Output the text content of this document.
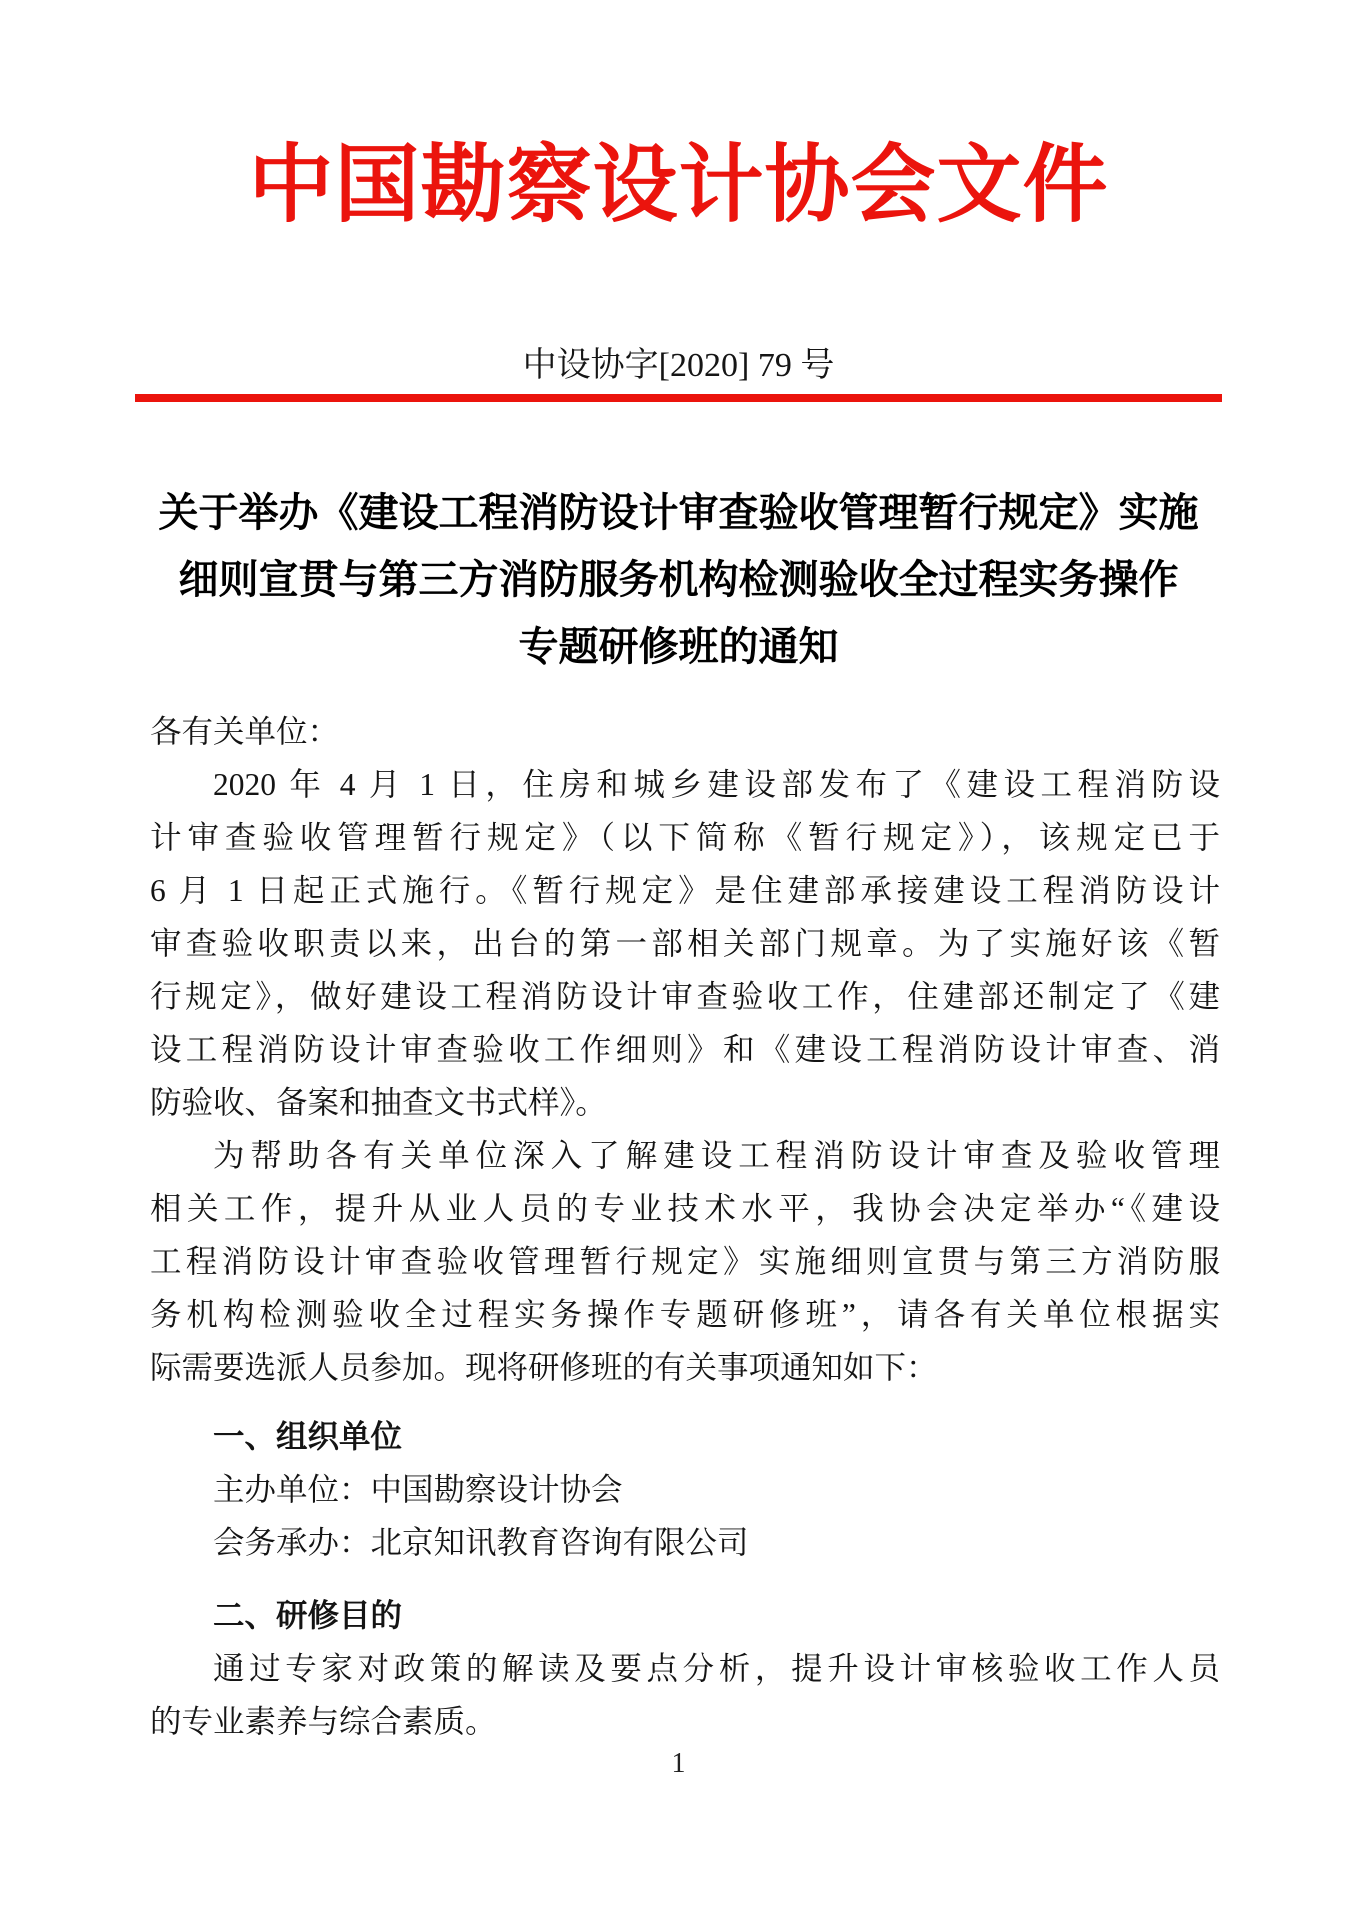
中国勘察设计协会文件
中设协字[2020] 79 号
关于举办《建设工程消防设计审查验收管理暂行规定》实施
细则宣贯与第三方消防服务机构检测验收全过程实务操作
专题研修班的通知
各有关单位：
2020 年 4 月 1 日，住房和城乡建设部发布了《建设工程消防设
计审查验收管理暂行规定》（以下简称《暂行规定》），该规定已于
6 月 1 日起正式施行。《暂行规定》是住建部承接建设工程消防设计
审查验收职责以来，出台的第一部相关部门规章。为了实施好该《暂
行规定》，做好建设工程消防设计审查验收工作，住建部还制定了《建
设工程消防设计审查验收工作细则》和《建设工程消防设计审查、消
防验收、备案和抽查文书式样》。
为帮助各有关单位深入了解建设工程消防设计审查及验收管理
相关工作，提升从业人员的专业技术水平，我协会决定举办“《建设
工程消防设计审查验收管理暂行规定》实施细则宣贯与第三方消防服
务机构检测验收全过程实务操作专题研修班”，请各有关单位根据实
际需要选派人员参加。现将研修班的有关事项通知如下：
一、组织单位
主办单位：中国勘察设计协会
会务承办：北京知讯教育咨询有限公司
二、研修目的
通过专家对政策的解读及要点分析，提升设计审核验收工作人员
的专业素养与综合素质。
1
